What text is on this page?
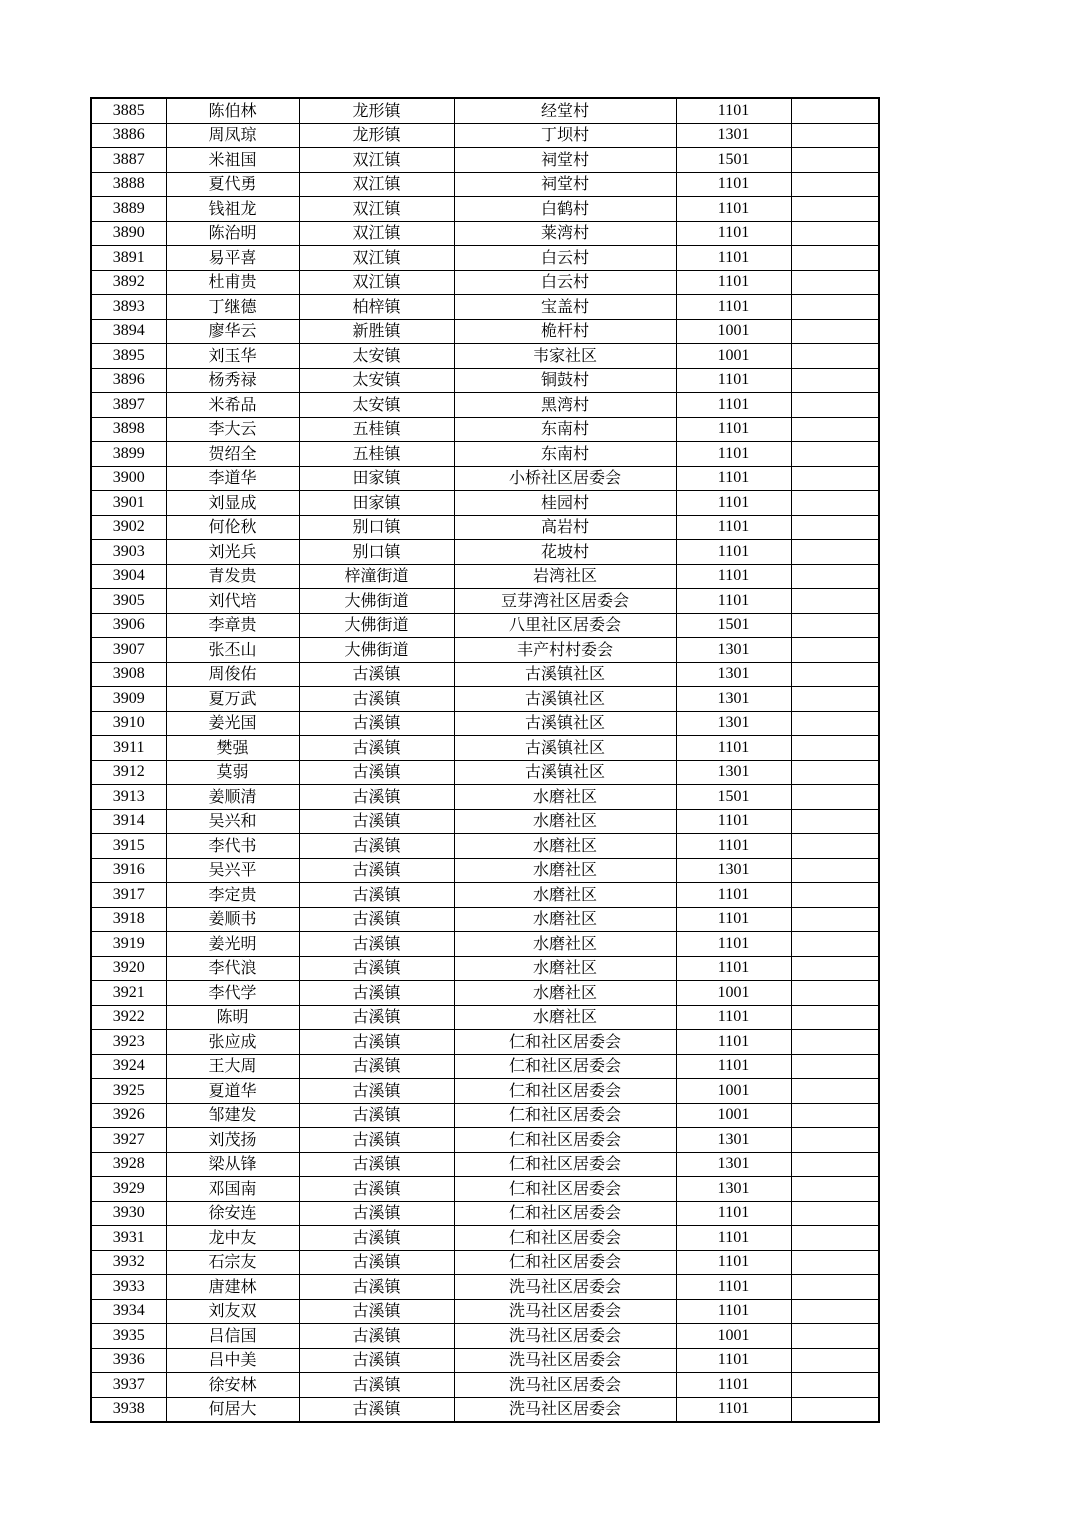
3885	陈伯林	龙形镇	经堂村	1101	
3886	周凤琼	龙形镇	丁坝村	1301	
3887	米祖国	双江镇	祠堂村	1501	
3888	夏代勇	双江镇	祠堂村	1101	
3889	钱祖龙	双江镇	白鹤村	1101	
3890	陈治明	双江镇	莱湾村	1101	
3891	易平喜	双江镇	白云村	1101	
3892	杜甫贵	双江镇	白云村	1101	
3893	丁继德	柏梓镇	宝盖村	1101	
3894	廖华云	新胜镇	桅杆村	1001	
3895	刘玉华	太安镇	韦家社区	1001	
3896	杨秀禄	太安镇	铜鼓村	1101	
3897	米希品	太安镇	黑湾村	1101	
3898	李大云	五桂镇	东南村	1101	
3899	贺绍全	五桂镇	东南村	1101	
3900	李道华	田家镇	小桥社区居委会	1101	
3901	刘显成	田家镇	桂园村	1101	
3902	何伦秋	别口镇	高岩村	1101	
3903	刘光兵	别口镇	花坡村	1101	
3904	青发贵	梓潼街道	岩湾社区	1101	
3905	刘代培	大佛街道	豆芽湾社区居委会	1101	
3906	李章贵	大佛街道	八里社区居委会	1501	
3907	张丕山	大佛街道	丰产村村委会	1301	
3908	周俊佑	古溪镇	古溪镇社区	1301	
3909	夏万武	古溪镇	古溪镇社区	1301	
3910	姜光国	古溪镇	古溪镇社区	1301	
3911	樊强	古溪镇	古溪镇社区	1101	
3912	莫弱	古溪镇	古溪镇社区	1301	
3913	姜顺清	古溪镇	水磨社区	1501	
3914	吴兴和	古溪镇	水磨社区	1101	
3915	李代书	古溪镇	水磨社区	1101	
3916	吴兴平	古溪镇	水磨社区	1301	
3917	李定贵	古溪镇	水磨社区	1101	
3918	姜顺书	古溪镇	水磨社区	1101	
3919	姜光明	古溪镇	水磨社区	1101	
3920	李代浪	古溪镇	水磨社区	1101	
3921	李代学	古溪镇	水磨社区	1001	
3922	陈明	古溪镇	水磨社区	1101	
3923	张应成	古溪镇	仁和社区居委会	1101	
3924	王大周	古溪镇	仁和社区居委会	1101	
3925	夏道华	古溪镇	仁和社区居委会	1001	
3926	邹建发	古溪镇	仁和社区居委会	1001	
3927	刘茂扬	古溪镇	仁和社区居委会	1301	
3928	梁从锋	古溪镇	仁和社区居委会	1301	
3929	邓国南	古溪镇	仁和社区居委会	1301	
3930	徐安连	古溪镇	仁和社区居委会	1101	
3931	龙中友	古溪镇	仁和社区居委会	1101	
3932	石宗友	古溪镇	仁和社区居委会	1101	
3933	唐建林	古溪镇	洗马社区居委会	1101	
3934	刘友双	古溪镇	洗马社区居委会	1101	
3935	吕信国	古溪镇	洗马社区居委会	1001	
3936	吕中美	古溪镇	洗马社区居委会	1101	
3937	徐安林	古溪镇	洗马社区居委会	1101	
3938	何居大	古溪镇	洗马社区居委会	1101	
